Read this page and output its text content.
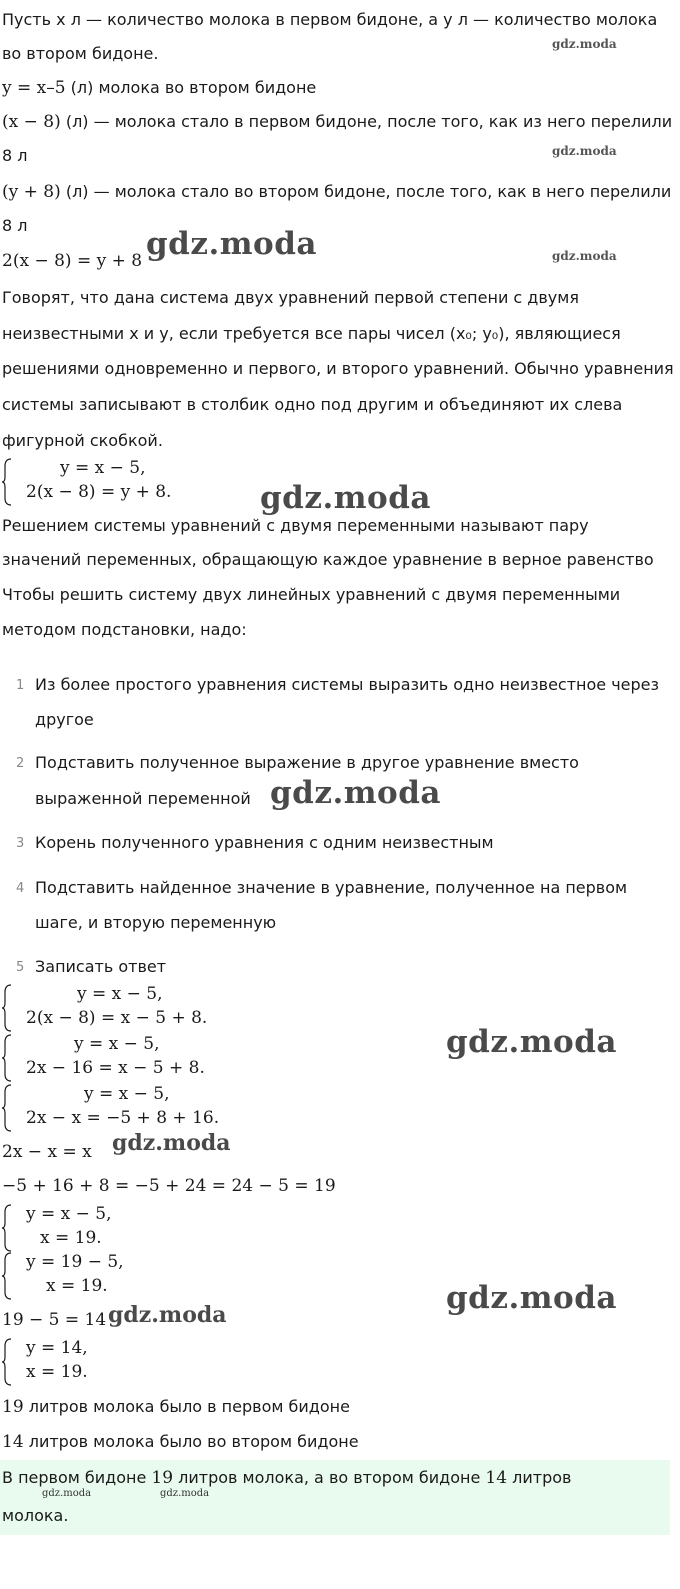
Пусть x л — количество молока в первом бидоне, а y л — количество молока
во втором бидоне.	gdz.moda
y = x–5 (л) молока во втором бидоне
(x − 8) (л) — молока стало в первом бидоне, после того, как из него перелили
8 л	gdz.moda
(y + 8) (л) — молока стало во втором бидоне, после того, как в него перелили
8 л
2(x − 8) = y + 8 gdz.moda	gdz.moda
Говорят, что дана система двух уравнений первой степени с двумя
неизвестными x и y, если требуется все пары чисел (x₀; y₀), являющиеся
решениями одновременно и первого, и второго уравнений. Обычно уравнения
системы записывают в столбик одно под другим и объединяют их слева
фигурной скобкой.
y = x − 5,
2(x − 8) = y + 8.	gdz.moda
Решением системы уравнений с двумя переменными называют пару
значений переменных, обращающую каждое уравнение в верное равенство
Чтобы решить систему двух линейных уравнений с двумя переменными
методом подстановки, надо:
1 Из более простого уравнения системы выразить одно неизвестное через
другое
2 Подставить полученное выражение в другое уравнение вместо
выраженной переменной
3 Корень полученного уравнения с одним неизвестным
4 Подставить найденное значение в уравнение, полученное на первом
шаге, и вторую переменную
5 Записать ответ
gdz.moda
y = x − 5,
2(x − 8) = x − 5 + 8.
y = x − 5,
2x − 16 = x − 5 + 8.
y = x − 5,
2x − x = −5 + 8 + 16.
gdz.moda
2x − x = x gdz.moda
−5 + 16 + 8 = −5 + 24 = 24 − 5 = 19
y = x − 5,
x = 19.
y = 19 − 5,
x = 19.	gdz.moda
19 − 5 = 14 gdz.moda
y = 14,
x = 19.
19 литров молока было в первом бидоне
14 литров молока было во втором бидоне
В первом бидоне 19 литров молока, а во втором бидоне 14 литров
gdz.moda	gdz.moda
молока.
